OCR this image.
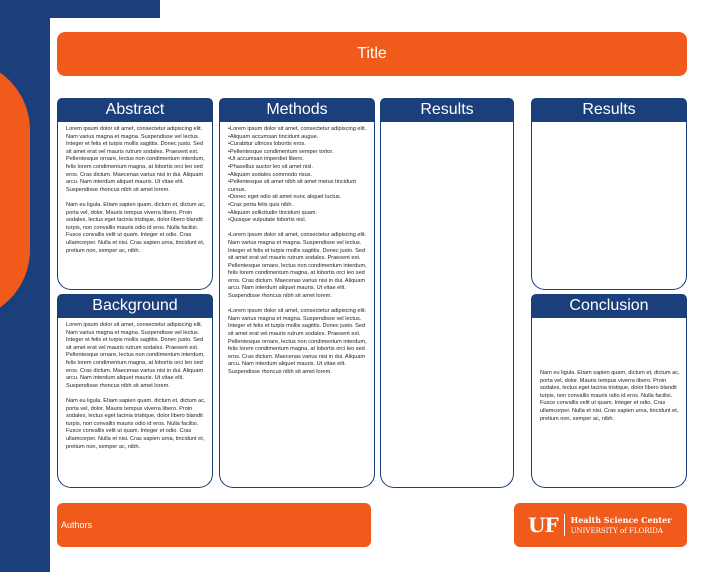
Title
Abstract
Lorem ipsum dolor sit amet, consectetur adipiscing elit. Nam varius magna et magna. Suspendisse vel lectus. Integer et felis et turpis mollis sagittis. Donec justo. Sed sit amet erat vel mauris rutrum sodales. Praesent est. Pellentesque ornare, lectus non condimentum interdum, felis lorem condimentum magna, at lobortis orci leo sed eros. Cras dictum. Maecenas varius nisi in dui. Aliquam arcu. Nam interdum aliquet mauris. Ut vitae elit. Suspendisse rhoncus nibh sit amet lorem.

Nam eu ligula. Etiam sapien quam, dictum et, dictum ac, porta vel, dolor. Mauris tempus viverra libero. Proin sodales, lectus eget lacinia tristique, dolor libero blandit turpis, non convallis mauris odio id eros. Nulla facilisi. Fusce convallis velit ut quam. Integer et odio. Cras ullamcorper. Nulla et nisi. Cras sapien urna, tincidunt et, pretium non, semper ac, nibh.
Methods
•Lorem ipsum dolor sit amet, consectetur adipiscing elit.
•Aliquam accumsan tincidunt augue.
•Curabitur ultrices lobortis eros.
•Pellentesque condimentum semper tortor.
•Ut accumsan imperdiet libero.
•Phasellus auctor leo sit amet nisl.
•Aliquam sodales commodo risus.
•Pellentesque sit amet nibh sit amet metus tincidunt cursus.
•Donec eget odio sit amet nunc aliquet luctus.
•Cras porta felis quis nibh.
•Aliquam sollicitudin tincidunt quam.
•Quisque vulputate lobortis nisl.

•Lorem ipsum dolor sit amet, consectetur adipiscing elit. Nam varius magna et magna. Suspendisse vel lectus. Integer et felis et turpis mollis sagittis. Donec justo. Sed sit amet erat vel mauris rutrum sodales. Praesent est. Pellentesque ornare, lectus non condimentum interdum, felis lorem condimentum magna, at lobortis orci leo sed eros. Cras dictum. Maecenas varius nisi in dui. Aliquam arcu. Nam interdum aliquet mauris. Ut vitae elit. Suspendisse rhoncus nibh sit amet lorem.

•Lorem ipsum dolor sit amet, consectetur adipiscing elit. Nam varius magna et magna. Suspendisse vel lectus. Integer et felis et turpis mollis sagittis. Donec justo. Sed sit amet erat vel mauris rutrum sodales. Praesent est. Pellentesque ornare, lectus non condimentum interdum, felis lorem condimentum magna, at lobortis orci leo sed eros. Cras dictum. Maecenas varius nisi in dui. Aliquam arcu. Nam interdum aliquet mauris. Ut vitae elit. Suspendisse rhoncus nibh sit amet lorem.
Results	Results
Background
Lorem ipsum dolor sit amet, consectetur adipiscing elit. Nam varius magna et magna. Suspendisse vel lectus. Integer et felis et turpis mollis sagittis. Donec justo. Sed sit amet erat vel mauris rutrum sodales. Praesent est. Pellentesque ornare, lectus non condimentum interdum, felis lorem condimentum magna, at lobortis orci leo sed eros. Cras dictum. Maecenas varius nisi in dui. Aliquam arcu. Nam interdum aliquet mauris. Ut vitae elit. Suspendisse rhoncus nibh sit amet lorem.

Nam eu ligula. Etiam sapien quam, dictum et, dictum ac, porta vel, dolor. Mauris tempus viverra libero. Proin sodales, lectus eget lacinia tristique, dolor libero blandit turpis, non convallis mauris odio id eros. Nulla facilisi. Fusce convallis velit ut quam. Integer et odio. Cras ullamcorper. Nulla et nisi. Cras sapien urna, tincidunt et, pretium non, semper ac, nibh.
Conclusion
Nam eu ligula. Etiam sapien quam, dictum et, dictum ac, porta vel, dolor. Mauris tempus viverra libero. Proin sodales, lectus eget lacinia tristique, dolor libero blandit turpis, non convallis mauris odio id eros. Nulla facilisi. Fusce convallis velit ut quam. Integer et odio. Cras ullamcorper. Nulla et nisi. Cras sapien urna, tincidunt et, pretium non, semper ac, nibh.
Authors	UF Health Science Center
UNIVERSITY of FLORIDA
